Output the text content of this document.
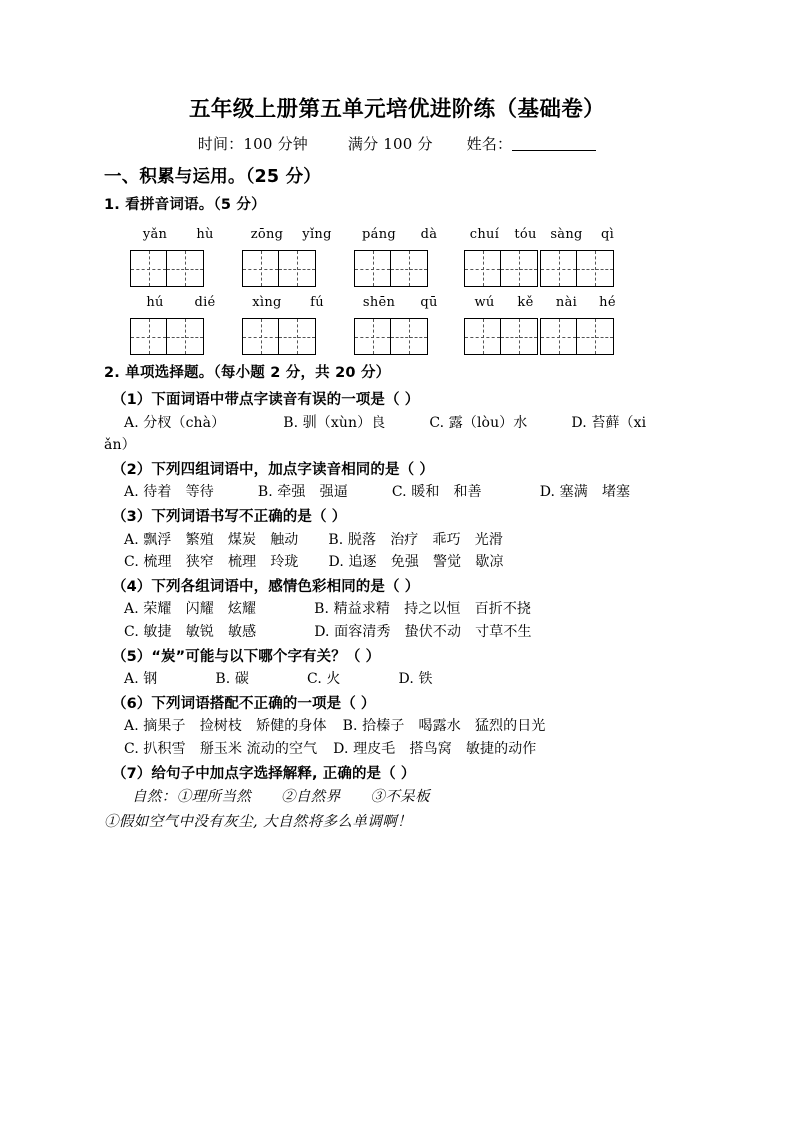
五年级上册第五单元培优进阶练（基础卷）

时间：100 分钟	满分 100 分 姓名：

一、积累与运用。（25 分）
1. 看拼音词语。（5 分）
yǎn hù	zōng yǐng	páng dà	chuí tóu sàng qì
hú dié	xìng fú	shēn qū	wú kě nài hé
2. 单项选择题。（每小题 2 分，共 20 分）

（1）下面词语中带点字读音有误的一项是（ ）

A. 分杈（chà）	B. 驯（xùn）良	C. 露（lòu）水	D. 苔藓（xi

ǎn）

（2）下列四组词语中，加点字读音相同的是（ ）

A. 待着　等待	B. 牵强　强逼	C. 暖和　和善	D. 塞满　堵塞

（3）下列词语书写不正确的是（ ）

A. 飘浮　繁殖　煤炭　触动 B. 脱落　治疗　乖巧　光滑

C. 梳理　狭窄　梳理　玲珑 D. 追逐　免强　警觉　歇凉

（4）下列各组词语中，感情色彩相同的是（ ）

A. 荣耀　闪耀　炫耀	B. 精益求精　持之以恒　百折不挠

C. 敏捷　敏锐　敏感	D. 面容清秀　蛰伏不动　寸草不生

（5）“炭”可能与以下哪个字有关？（ ）

A. 钢	B. 碳	C. 火	D. 铁

（6）下列词语搭配不正确的一项是（ ）

A. 摘果子　捡树枝　矫健的身体 B. 拾榛子　喝露水　猛烈的日光

C. 扒积雪　掰玉米 流动的空气 D. 理皮毛　搭鸟窝　敏捷的动作

（7）给句子中加点字选择解释, 正确的是（ ）

自然：①理所当然　　②自然界　　③不呆板

①假如空气中没有灰尘, 大自然将多么单调啊！
